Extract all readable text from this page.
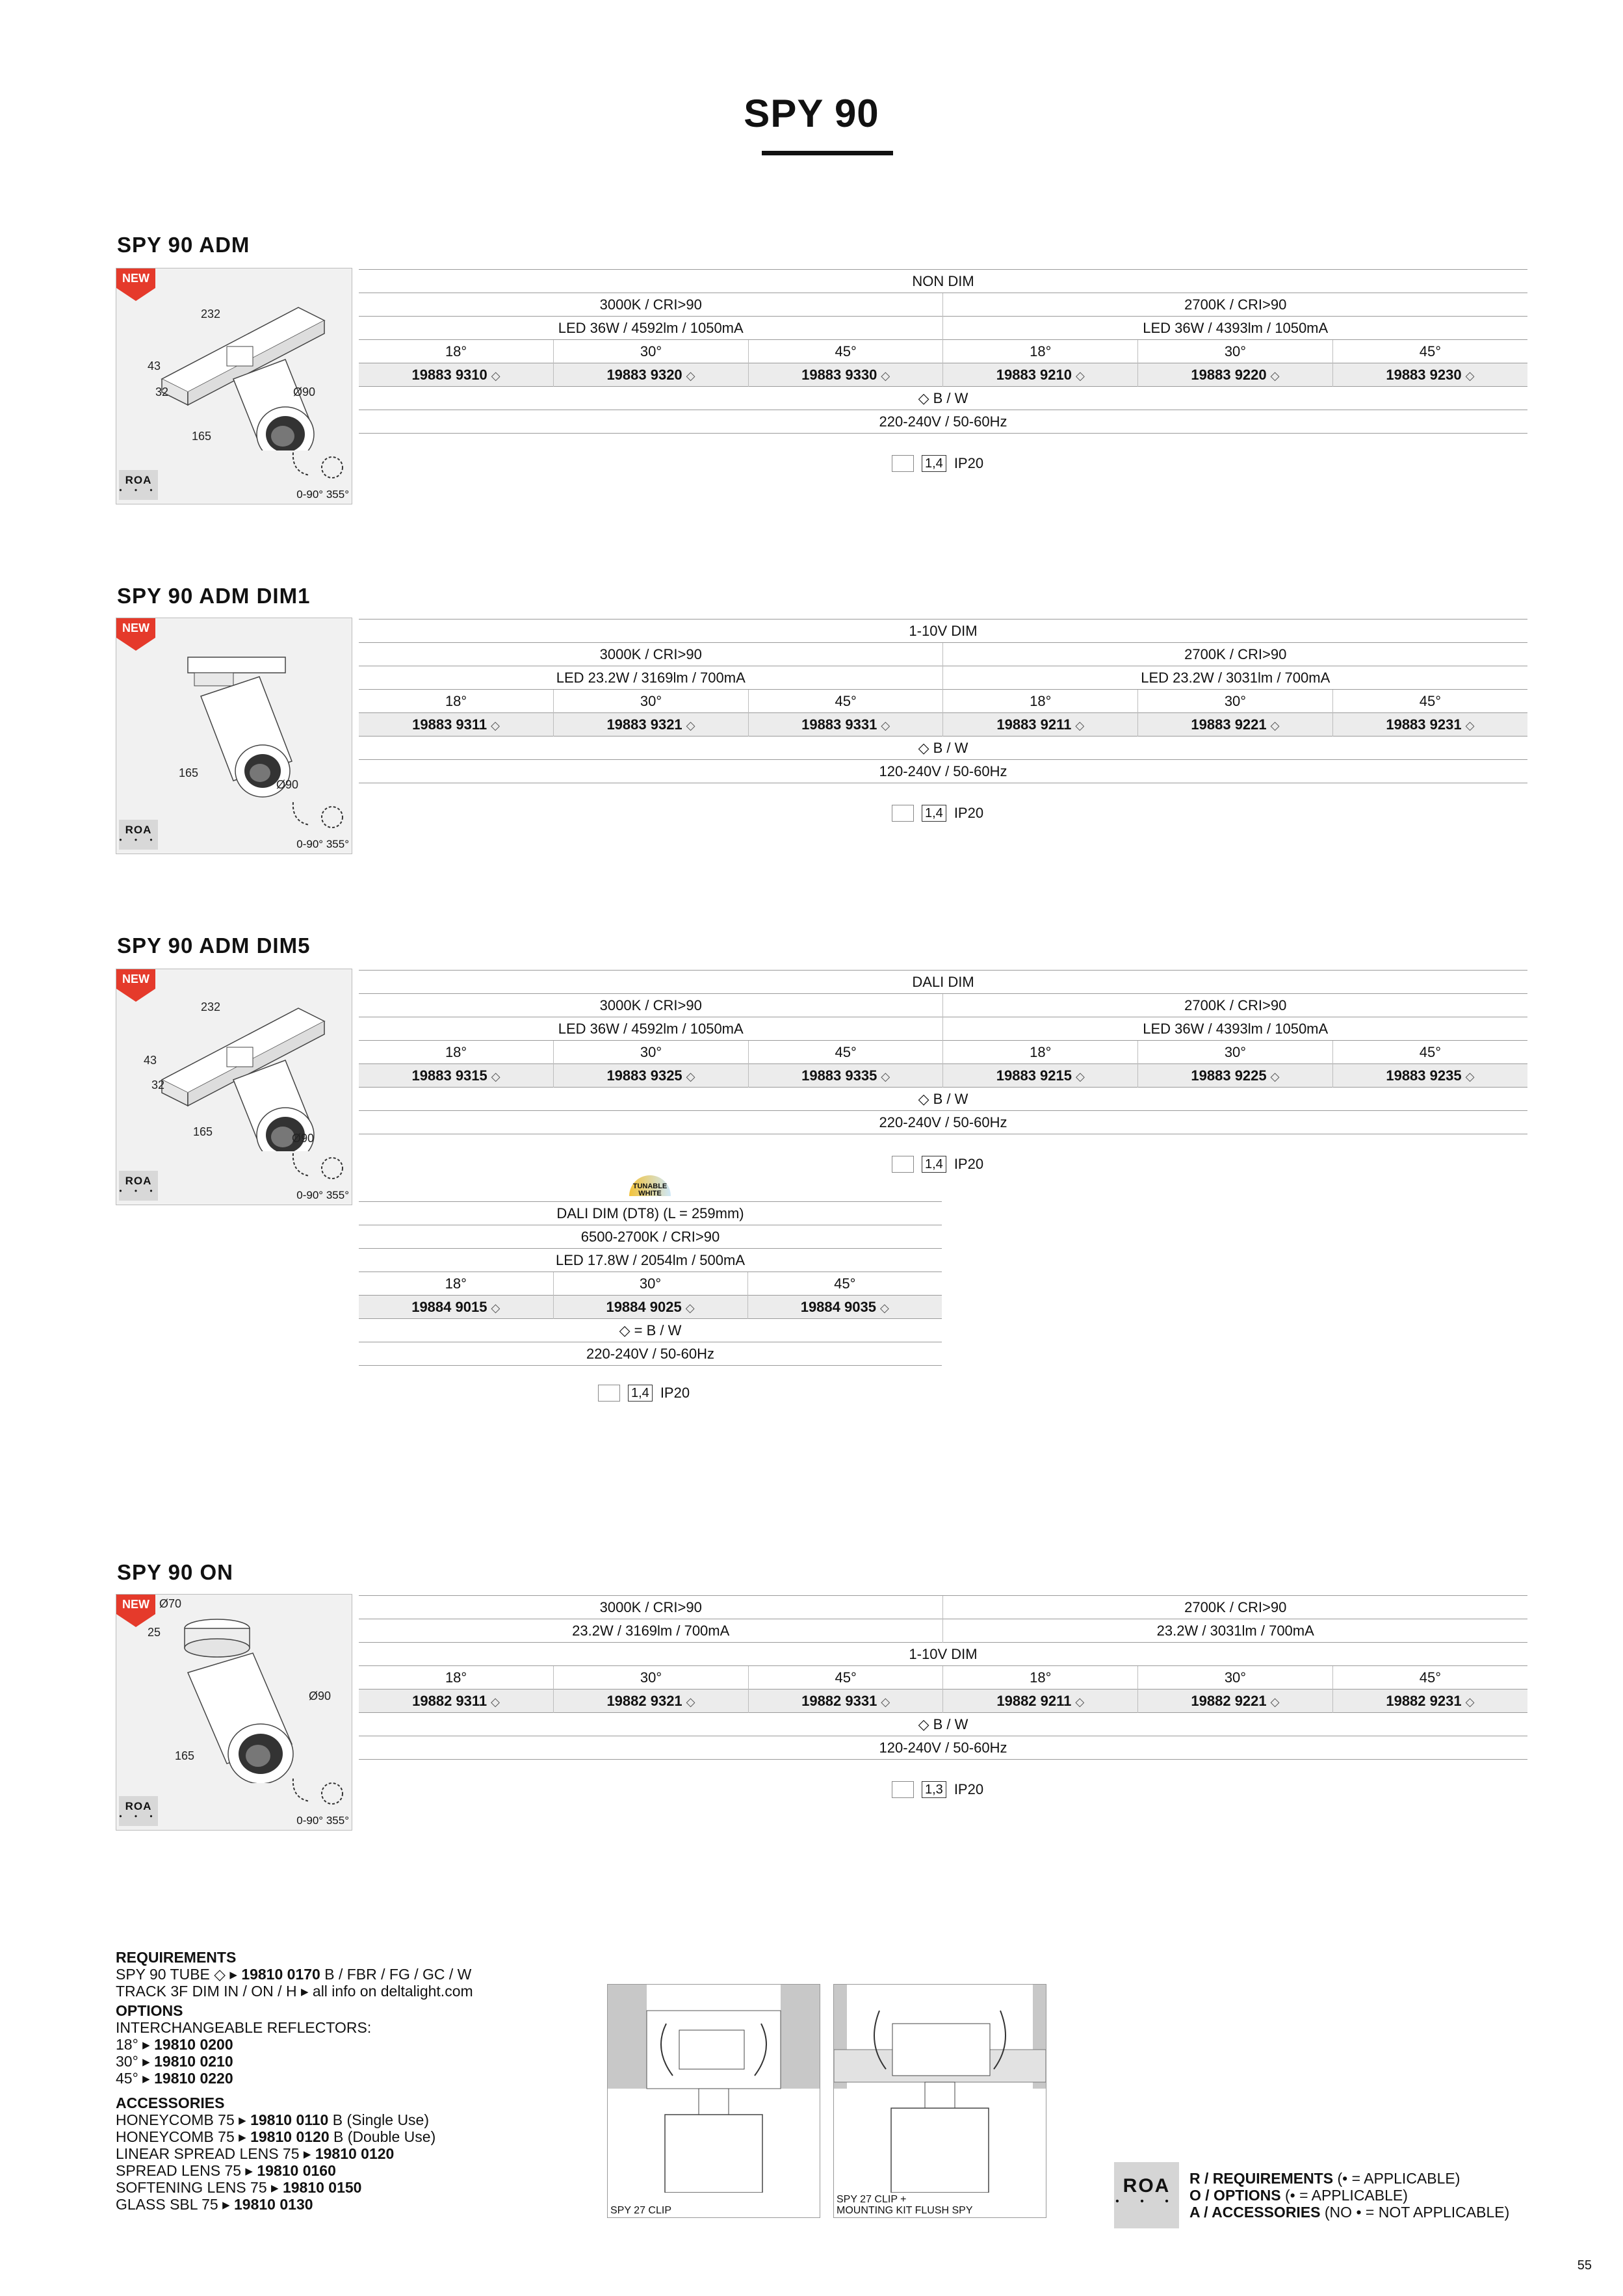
SPY 90
SPY 90 ADM
NEW
232
43
32	Ø90
165
ROA
• • •	0-90° 355°
NON DIM					
3000K / CRI>90			2700K / CRI>90		
LED 36W / 4592lm / 1050mA			LED 36W / 4393lm / 1050mA		
18°	30°	45°	18°	30°	45°
19883 9310 ◇	19883 9320 ◇	19883 9330 ◇	19883 9210 ◇	19883 9220 ◇	19883 9230 ◇
◇ B / W					
220-240V / 50-60Hz					
1,4 IP20
SPY 90 ADM DIM1
NEW
165
Ø90
ROA
• • •	0-90° 355°
1-10V DIM					
3000K / CRI>90			2700K / CRI>90		
LED 23.2W / 3169lm / 700mA			LED 23.2W / 3031lm / 700mA		
18°	30°	45°	18°	30°	45°
19883 9311 ◇	19883 9321 ◇	19883 9331 ◇	19883 9211 ◇	19883 9221 ◇	19883 9231 ◇
◇ B / W					
120-240V / 50-60Hz					
1,4 IP20
SPY 90 ADM DIM5
NEW
232
43
32
Ø90
165
ROA
• • •	0-90° 355°
DALI DIM					
3000K / CRI>90			2700K / CRI>90		
LED 36W / 4592lm / 1050mA			LED 36W / 4393lm / 1050mA		
18°	30°	45°	18°	30°	45°
19883 9315 ◇	19883 9325 ◇	19883 9335 ◇	19883 9215 ◇	19883 9225 ◇	19883 9235 ◇
◇ B / W					
220-240V / 50-60Hz					
1,4 IP20
TUNABLE
WHITE
DALI DIM (DT8) (L = 259mm)		
6500-2700K / CRI>90		
LED 17.8W / 2054lm / 500mA		
18°	30°	45°
19884 9015 ◇	19884 9025 ◇	19884 9035 ◇
◇ = B / W		
220-240V / 50-60Hz		
1,4 IP20
SPY 90 ON
NEW Ø70
25
Ø90
165
ROA
• • •	0-90° 355°
3000K / CRI>90			2700K / CRI>90		
23.2W / 3169lm / 700mA			23.2W / 3031lm / 700mA		
1-10V DIM					
18°	30°	45°	18°	30°	45°
19882 9311 ◇	19882 9321 ◇	19882 9331 ◇	19882 9211 ◇	19882 9221 ◇	19882 9231 ◇
◇ B / W					
120-240V / 50-60Hz					
1,3 IP20
REQUIREMENTS
SPY 90 TUBE ◇ ▸ 19810 0170 B / FBR / FG / GC / W
TRACK 3F DIM IN / ON / H ▸ all info on deltalight.com
OPTIONS
INTERCHANGEABLE REFLECTORS:
18° ▸ 19810 0200
30° ▸ 19810 0210
45° ▸ 19810 0220
ACCESSORIES
HONEYCOMB 75 ▸ 19810 0110 B (Single Use)
HONEYCOMB 75 ▸ 19810 0120 B (Double Use)
LINEAR SPREAD LENS 75 ▸ 19810 0120
SPREAD LENS 75 ▸ 19810 0160
SOFTENING LENS 75 ▸ 19810 0150
GLASS SBL 75 ▸ 19810 0130	SPY 27 CLIP
SPY 27 CLIP +
MOUNTING KIT FLUSH SPY
ROA
• • •
R / REQUIREMENTS (• = APPLICABLE)
O / OPTIONS (• = APPLICABLE)
A / ACCESSORIES (NO • = NOT APPLICABLE)
55
